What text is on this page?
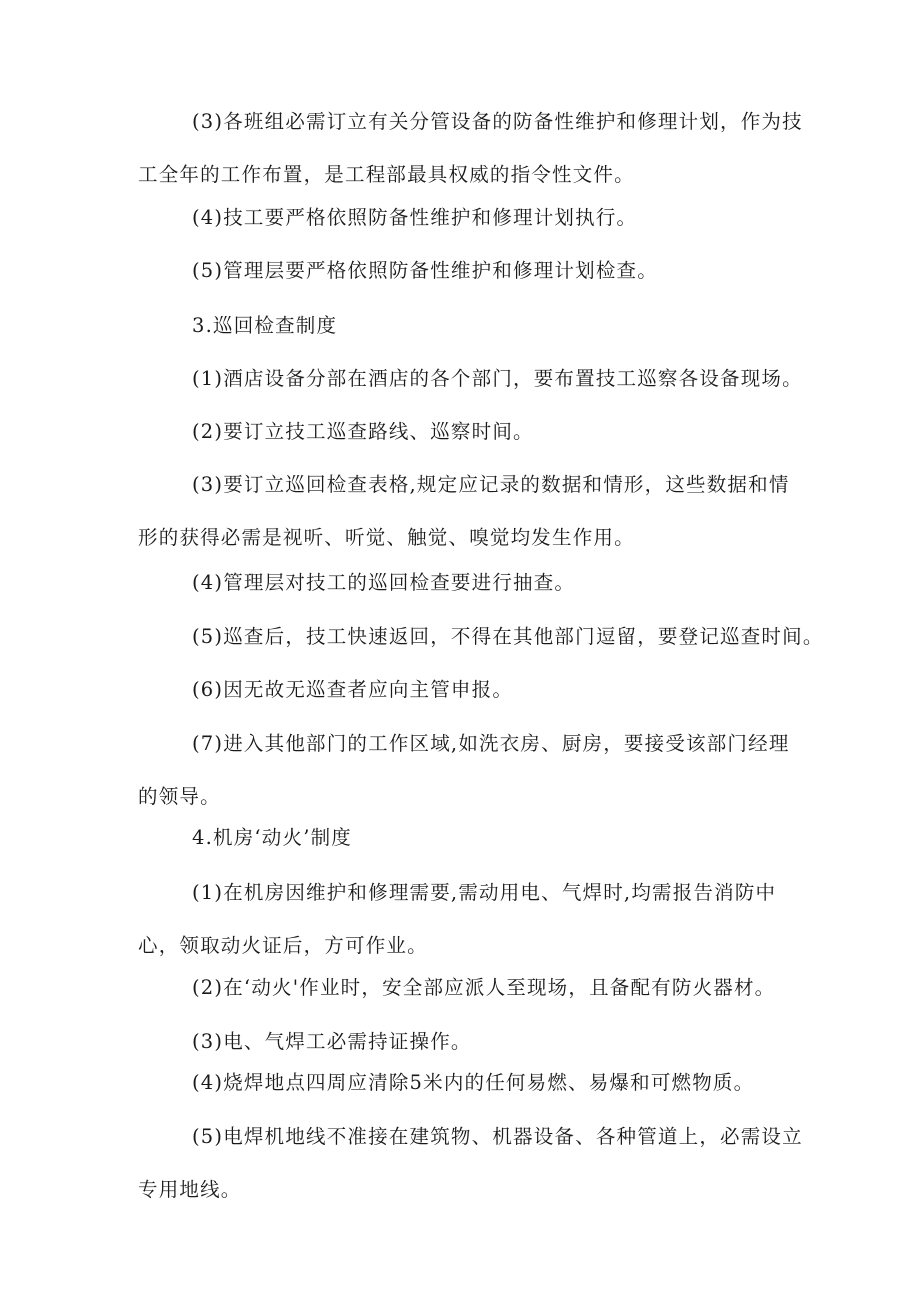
(3)各班组必需订立有关分管设备的防备性维护和修理计划，作为技工全年的工作布置，是工程部最具权威的指令性文件。

(4)技工要严格依照防备性维护和修理计划执行。

(5)管理层要严格依照防备性维护和修理计划检查。

3.巡回检查制度

(1)酒店设备分部在酒店的各个部门，要布置技工巡察各设备现场。

(2)要订立技工巡查路线、巡察时间。

(3)要订立巡回检查表格,规定应记录的数据和情形，这些数据和情形的获得必需是视听、听觉、触觉、嗅觉均发生作用。

(4)管理层对技工的巡回检查要进行抽查。

(5)巡查后，技工快速返回，不得在其他部门逗留，要登记巡查时间。

(6)因无故无巡查者应向主管申报。

(7)进入其他部门的工作区域,如洗衣房、厨房，要接受该部门经理的领导。

4.机房‘动火’制度

(1)在机房因维护和修理需要,需动用电、气焊时,均需报告消防中心，领取动火证后，方可作业。

(2)在‘动火'作业时，安全部应派人至现场，且备配有防火器材。

(3)电、气焊工必需持证操作。

(4)烧焊地点四周应清除5米内的任何易燃、易爆和可燃物质。

(5)电焊机地线不准接在建筑物、机器设备、各种管道上，必需设立专用地线。
